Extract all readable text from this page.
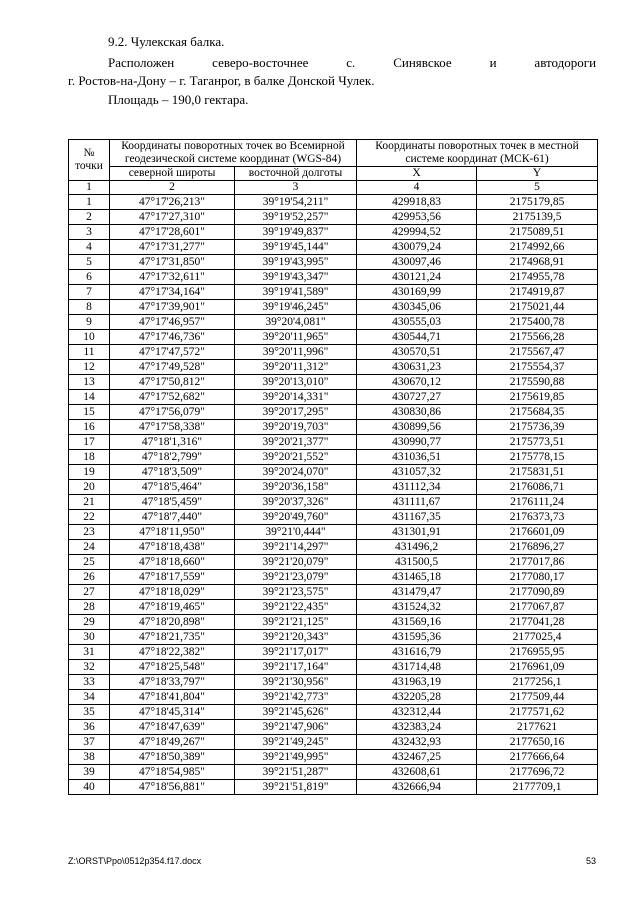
9.2. Чулекская балка.
Расположен	северо-восточнее	с.	Синявское	и	автодороги
г. Ростов-на-Дону – г. Таганрог, в балке Донской Чулек.
Площадь – 190,0 гектара.
№ точки	Координаты поворотных точек во Всемирной геодезической системе координат (WGS-84)		Координаты поворотных точек в местной системе координат (МСК-61)	
	северной широты	восточной долготы	X	Y
1	2	3	4	5
1	47°17'26,213"	39°19'54,211"	429918,83	2175179,85
2	47°17'27,310"	39°19'52,257"	429953,56	2175139,5
3	47°17'28,601"	39°19'49,837"	429994,52	2175089,51
4	47°17'31,277"	39°19'45,144"	430079,24	2174992,66
5	47°17'31,850"	39°19'43,995"	430097,46	2174968,91
6	47°17'32,611"	39°19'43,347"	430121,24	2174955,78
7	47°17'34,164"	39°19'41,589"	430169,99	2174919,87
8	47°17'39,901"	39°19'46,245"	430345,06	2175021,44
9	47°17'46,957"	39°20'4,081"	430555,03	2175400,78
10	47°17'46,736"	39°20'11,965"	430544,71	2175566,28
11	47°17'47,572"	39°20'11,996"	430570,51	2175567,47
12	47°17'49,528"	39°20'11,312"	430631,23	2175554,37
13	47°17'50,812"	39°20'13,010"	430670,12	2175590,88
14	47°17'52,682"	39°20'14,331"	430727,27	2175619,85
15	47°17'56,079"	39°20'17,295"	430830,86	2175684,35
16	47°17'58,338"	39°20'19,703"	430899,56	2175736,39
17	47°18'1,316"	39°20'21,377"	430990,77	2175773,51
18	47°18'2,799"	39°20'21,552"	431036,51	2175778,15
19	47°18'3,509"	39°20'24,070"	431057,32	2175831,51
20	47°18'5,464"	39°20'36,158"	431112,34	2176086,71
21	47°18'5,459"	39°20'37,326"	431111,67	2176111,24
22	47°18'7,440"	39°20'49,760"	431167,35	2176373,73
23	47°18'11,950"	39°21'0,444"	431301,91	2176601,09
24	47°18'18,438"	39°21'14,297"	431496,2	2176896,27
25	47°18'18,660"	39°21'20,079"	431500,5	2177017,86
26	47°18'17,559"	39°21'23,079"	431465,18	2177080,17
27	47°18'18,029"	39°21'23,575"	431479,47	2177090,89
28	47°18'19,465"	39°21'22,435"	431524,32	2177067,87
29	47°18'20,898"	39°21'21,125"	431569,16	2177041,28
30	47°18'21,735"	39°21'20,343"	431595,36	2177025,4
31	47°18'22,382"	39°21'17,017"	431616,79	2176955,95
32	47°18'25,548"	39°21'17,164"	431714,48	2176961,09
33	47°18'33,797"	39°21'30,956"	431963,19	2177256,1
34	47°18'41,804"	39°21'42,773"	432205,28	2177509,44
35	47°18'45,314"	39°21'45,626"	432312,44	2177571,62
36	47°18'47,639"	39°21'47,906"	432383,24	2177621
37	47°18'49,267"	39°21'49,245"	432432,93	2177650,16
38	47°18'50,389"	39°21'49,995"	432467,25	2177666,64
39	47°18'54,985"	39°21'51,287"	432608,61	2177696,72
40	47°18'56,881"	39°21'51,819"	432666,94	2177709,1
Z:\ORST\Ppo\0512p354.f17.docx	53
